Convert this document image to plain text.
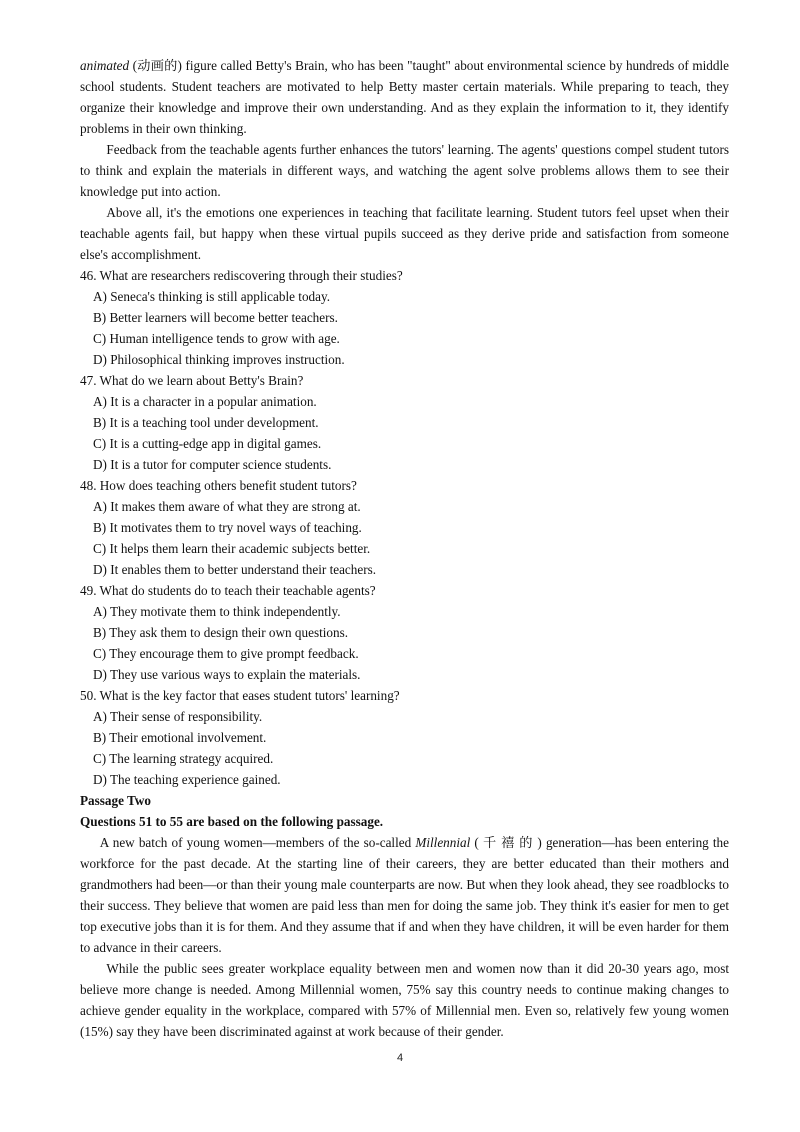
animated (动画的) figure called Betty's Brain, who has been "taught" about environmental science by hundreds of middle school students. Student teachers are motivated to help Betty master certain materials. While preparing to teach, they organize their knowledge and improve their own understanding. And as they explain the information to it, they identify problems in their own thinking.

Feedback from the teachable agents further enhances the tutors' learning. The agents' questions compel student tutors to think and explain the materials in different ways, and watching the agent solve problems allows them to see their knowledge put into action.

Above all, it's the emotions one experiences in teaching that facilitate learning. Student tutors feel upset when their teachable agents fail, but happy when these virtual pupils succeed as they derive pride and satisfaction from someone else's accomplishment.

46. What are researchers rediscovering through their studies?
A) Seneca's thinking is still applicable today.
B) Better learners will become better teachers.
C) Human intelligence tends to grow with age.
D) Philosophical thinking improves instruction.
47. What do we learn about Betty's Brain?
A) It is a character in a popular animation.
B) It is a teaching tool under development.
C) It is a cutting-edge app in digital games.
D) It is a tutor for computer science students.
48. How does teaching others benefit student tutors?
A) It makes them aware of what they are strong at.
B) It motivates them to try novel ways of teaching.
C) It helps them learn their academic subjects better.
D) It enables them to better understand their teachers.
49. What do students do to teach their teachable agents?
A) They motivate them to think independently.
B) They ask them to design their own questions.
C) They encourage them to give prompt feedback.
D) They use various ways to explain the materials.
50. What is the key factor that eases student tutors' learning?
A) Their sense of responsibility.
B) Their emotional involvement.
C) The learning strategy acquired.
D) The teaching experience gained.

Passage Two

Questions 51 to 55 are based on the following passage.

A new batch of young women—members of the so-called Millennial ( 千 禧 的 ) generation—has been entering the workforce for the past decade. At the starting line of their careers, they are better educated than their mothers and grandmothers had been—or than their young male counterparts are now. But when they look ahead, they see roadblocks to their success. They believe that women are paid less than men for doing the same job. They think it's easier for men to get top executive jobs than it is for them. And they assume that if and when they have children, it will be even harder for them to advance in their careers.

While the public sees greater workplace equality between men and women now than it did 20-30 years ago, most believe more change is needed. Among Millennial women, 75% say this country needs to continue making changes to achieve gender equality in the workplace, compared with 57% of Millennial men. Even so, relatively few young women (15%) say they have been discriminated against at work because of their gender.

4
